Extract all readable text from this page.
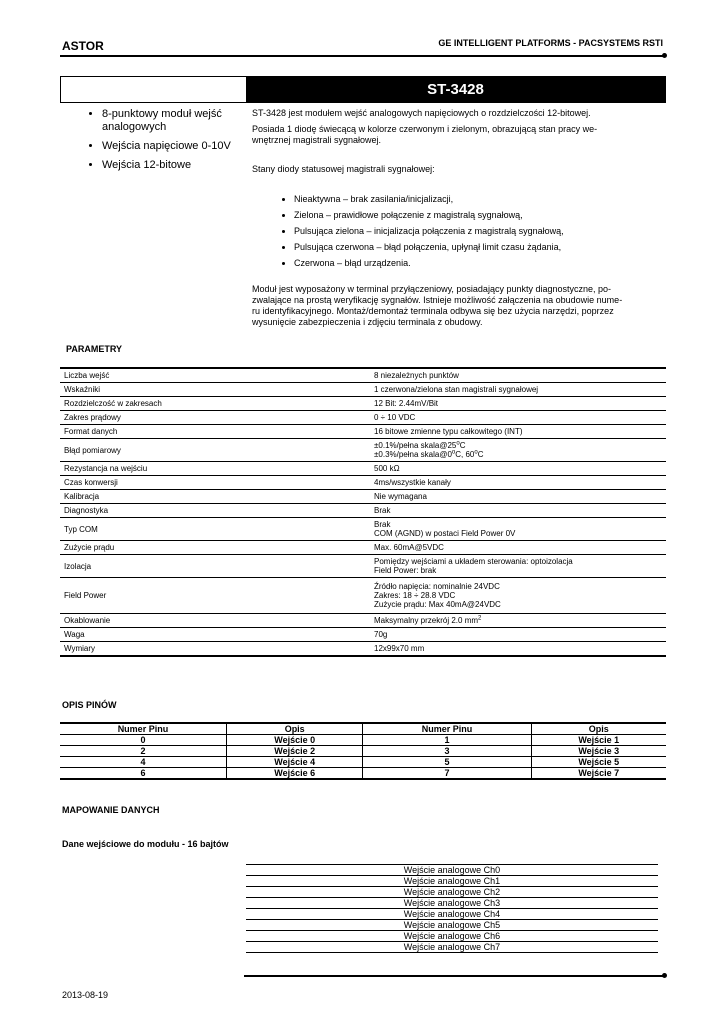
ASTOR	GE INTELLIGENT PLATFORMS - PACSYSTEMS RSTI
ST-3428
• 8-punktowy moduł wejść analogowych
• Wejścia napięciowe 0-10V
• Wejścia 12-bitowe
ST-3428 jest modułem wejść analogowych napięciowych o rozdzielczości 12-bitowej.
Posiada 1 diodę świecącą w kolorze czerwonym i zielonym, obrazującą stan pracy we-
wnętrznej magistrali sygnałowej.
Stany diody statusowej magistrali sygnałowej:
• Nieaktywna – brak zasilania/inicjalizacji,
• Zielona – prawidłowe połączenie z magistralą sygnałową,
• Pulsująca zielona – inicjalizacja połączenia z magistralą sygnałową,
• Pulsująca czerwona – błąd połączenia, upłynął limit czasu żądania,
• Czerwona – błąd urządzenia.
Moduł jest wyposażony w terminal przyłączeniowy, posiadający punkty diagnostyczne, po-
zwalające na prostą weryfikację sygnałów. Istnieje możliwość załączenia na obudowie nume-
ru identyfikacyjnego. Montaż/demontaż terminala odbywa się bez użycia narzędzi, poprzez
wysunięcie zabezpieczenia i zdjęciu terminala z obudowy.
PARAMETRY
Liczba wejść	8 niezależnych punktów

Wskaźniki	1 czerwona/zielona stan magistrali sygnałowej

Rozdzielczość w zakresach	12 Bit: 2.44mV/Bit

Zakres prądowy	0 ÷ 10 VDC

Format danych	16 bitowe zmienne typu całkowitego (INT)

Błąd pomiarowy	±0.1%/pełna $skala@25^oC$
±0.3%/pełna skala@0$^o$C, 60$^o$C

Rezystancja na wejściu	500 kΩ

Czas konwersji	4ms/wszystkie kanały

Kalibracja	Nie wymagana

Diagnostyka	Brak

Typ COM	Brak
COM (AGND) w postaci Field Power 0V

Zużycie prądu	Max. 60mA@5VDC

Izolacja	Pomiędzy wejściami a układem sterowania: optoizolacja
Field Power: brak

Field Power	Źródło napięcia: nominalnie 24VDC
Zakres: 18 ÷ 28.8 VDC
Zużycie prądu: Max 40mA@24VDC

Okablowanie	Maksymalny przekrój 2.0 $mm^2$

Waga	70g

Wymiary	12x99x70 mm
OPIS PINÓW
Numer Pinu	Opis	Numer Pinu	Opis
0	Wejście 0	1	Wejście 1
2	Wejście 2	3	Wejście 3
4	Wejście 4	5	Wejście 5
6	Wejście 6	7	Wejście 7
MAPOWANIE DANYCH
Dane wejściowe do modułu - 16 bajtów
Wejście analogowe Ch0
Wejście analogowe Ch1
Wejście analogowe Ch2
Wejście analogowe Ch3
Wejście analogowe Ch4
Wejście analogowe Ch5
Wejście analogowe Ch6
Wejście analogowe Ch7
2013-08-19
